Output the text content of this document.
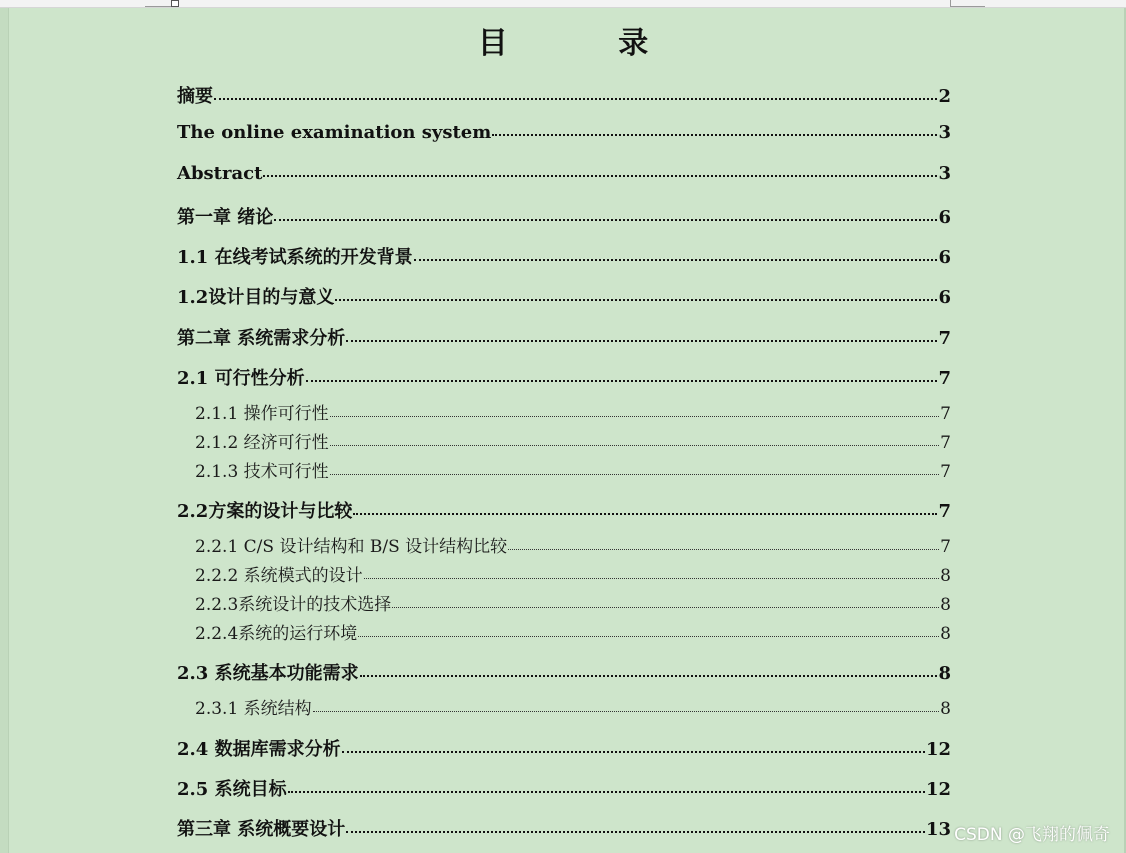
目 录
摘要	2
The online examination system	3
Abstract	3
第一章 绪论	6
1.1 在线考试系统的开发背景	6
1.2设计目的与意义	6
第二章 系统需求分析	7
2.1 可行性分析	7
2.1.1 操作可行性	7
2.1.2 经济可行性	7
2.1.3 技术可行性	7
2.2方案的设计与比较	7
2.2.1 C/S 设计结构和 B/S 设计结构比较	7
2.2.2 系统模式的设计	8
2.2.3系统设计的技术选择	8
2.2.4系统的运行环境	8
2.3 系统基本功能需求	8
2.3.1 系统结构	8
2.4 数据库需求分析	12
2.5 系统目标	12
第三章 系统概要设计	13 CSDN @飞翔的佩奇
